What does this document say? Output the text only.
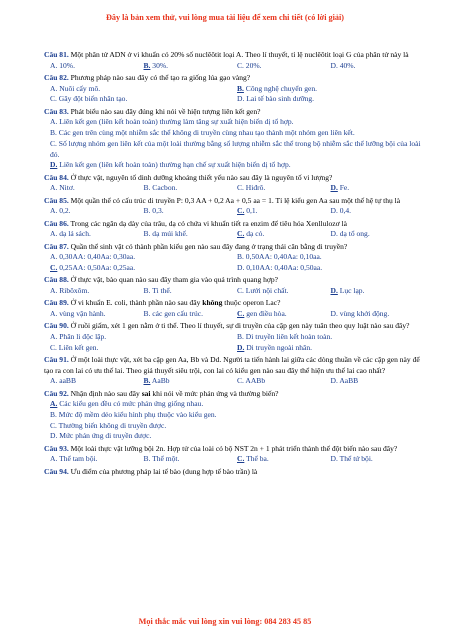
Đây là bản xem thử, vui lòng mua tài liệu để xem chi tiết (có lời giải)
Câu 81. Một phân tử ADN ở vi khuẩn có 20% số nuclêôtit loại A. Theo lí thuyết, tỉ lệ nuclêôtit loại G của phân tử này là
A. 10%.	B. 30%.	C. 20%.	D. 40%.
Câu 82. Phương pháp nào sau đây có thể tạo ra giống lúa gạo vàng?
A. Nuôi cấy mô.	B. Công nghệ chuyển gen.
C. Gây đột biến nhân tạo.	D. Lai tế bào sinh dưỡng.
Câu 83. Phát biểu nào sau đây đúng khi nói về hiện tượng liên kết gen?
A. Liên kết gen (liên kết hoàn toàn) thường làm tăng sự xuất hiện biến dị tổ hợp.
B. Các gen trên cùng một nhiễm sắc thể không di truyền cùng nhau tạo thành một nhóm gen liên kết.
C. Số lượng nhóm gen liên kết của một loài thường bằng số lượng nhiễm sắc thể trong bộ nhiễm sắc thể lưỡng bội của loài đó.
D. Liên kết gen (liên kết hoàn toàn) thường hạn chế sự xuất hiện biến dị tổ hợp.
Câu 84. Ở thực vật, nguyên tố dinh dưỡng khoáng thiết yếu nào sau đây là nguyên tố vi lượng?
A. Nitơ.	B. Cacbon.	C. Hiđrô.	D. Fe.
Câu 85. Một quần thể có cấu trúc di truyền P: 0,3 AA + 0,2 Aa + 0,5 aa = 1. Tỉ lệ kiểu gen Aa sau một thế hệ tự thụ là
A. 0,2.	B. 0,3.	C. 0,1.	D. 0,4.
Câu 86. Trong các ngăn dạ dày của trâu, dạ có chứa vi khuẩn tiết ra enzim để tiêu hóa Xenllulozơ là
A. dạ lá sách.	B. dạ múi khế.	C. dạ cỏ.	D. dạ tổ ong.
Câu 87. Quần thể sinh vật có thành phần kiểu gen nào sau đây đang ở trạng thái cân bằng di truyền?
A. 0,30AA: 0,40Aa: 0,30aa.	B. 0,50AA: 0,40Aa: 0,10aa.
C. 0,25AA: 0,50Aa: 0,25aa.	D. 0,10AA: 0,40Aa: 0,50aa.
Câu 88. Ở thực vật, bào quan nào sau đây tham gia vào quá trình quang hợp?
A. Ribôxôm.	B. Ti thể.	C. Lưới nội chất.	D. Lục lạp.
Câu 89. Ở vi khuẩn E. coli, thành phần nào sau đây không thuộc operon Lac?
A. vùng vận hành.	B. các gen cấu trúc.	C. gen điều hòa.	D. vùng khởi động.
Câu 90. Ở ruồi giấm, xét 1 gen nằm ở ti thể. Theo lí thuyết, sự di truyền của cặp gen này tuân theo quy luật nào sau đây?
A. Phân li độc lập.	B. Di truyền liên kết hoàn toàn.
C. Liên kết gen.	D. Di truyền ngoài nhân.
Câu 91. Ở một loài thực vật, xét ba cặp gen Aa, Bb và Dd. Người ta tiến hành lai giữa các dòng thuần về các cặp gen này để tạo ra con lai có ưu thế lai. Theo giả thuyết siêu trội, con lai có kiểu gen nào sau đây thể hiện ưu thế lai cao nhất?
A. aaBB	B. AaBb	C. AABb	D. AaBB
Câu 92. Nhận định nào sau đây sai khi nói về mức phản ứng và thường biến?
A. Các kiểu gen đều có mức phản ứng giống nhau.
B. Mức độ mềm dẻo kiểu hình phụ thuộc vào kiểu gen.
C. Thường biến không di truyền được.
D. Mức phản ứng di truyền được.
Câu 93. Một loài thực vật lưỡng bội 2n. Hợp tử của loài có bộ NST 2n + 1 phát triển thành thể đột biến nào sau đây?
A. Thể tam bội.	B. Thể một.	C. Thể ba.	D. Thể tứ bội.
Câu 94. Ưu điểm của phương pháp lai tế bào (dung hợp tế bào trần) là
Mọi thắc mắc vui lòng xin vui lòng: 084 283 45 85
